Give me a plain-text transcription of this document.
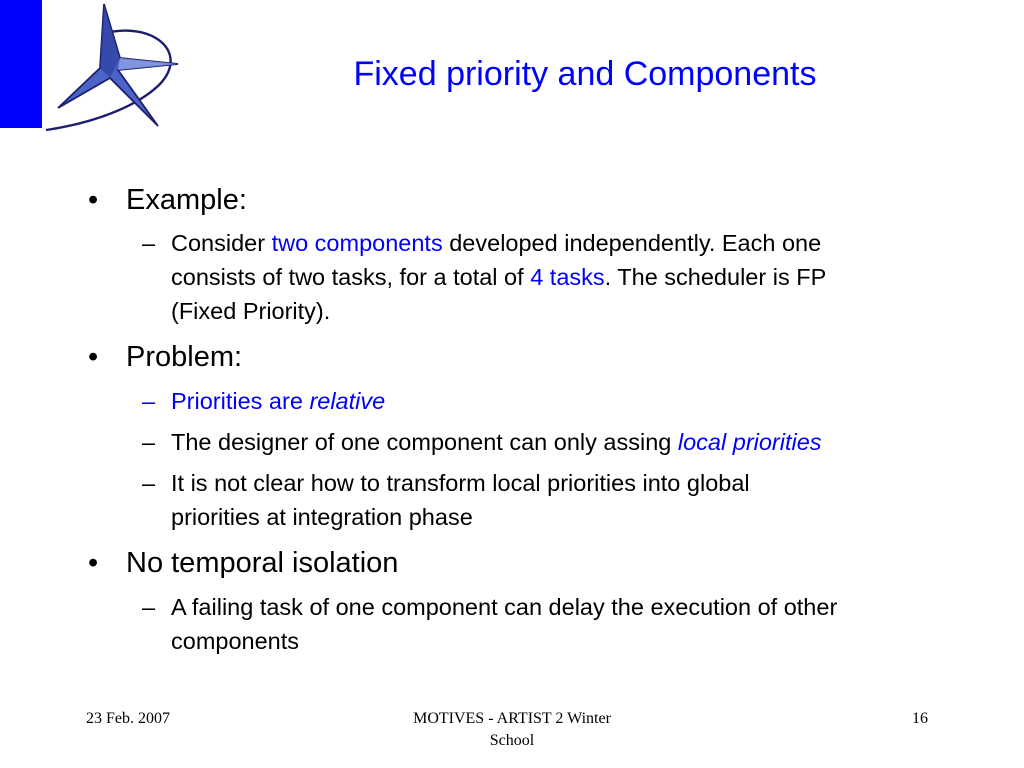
Fixed priority and Components
• Example:
– Consider two components developed independently. Each one
consists of two tasks, for a total of 4 tasks. The scheduler is FP
(Fixed Priority).
• Problem:
– Priorities are relative
– The designer of one component can only assing local priorities
– It is not clear how to transform local priorities into global
priorities at integration phase
• No temporal isolation
– A failing task of one component can delay the execution of other
components
23 Feb. 2007	MOTIVES - ARTIST 2 Winter
School
16
